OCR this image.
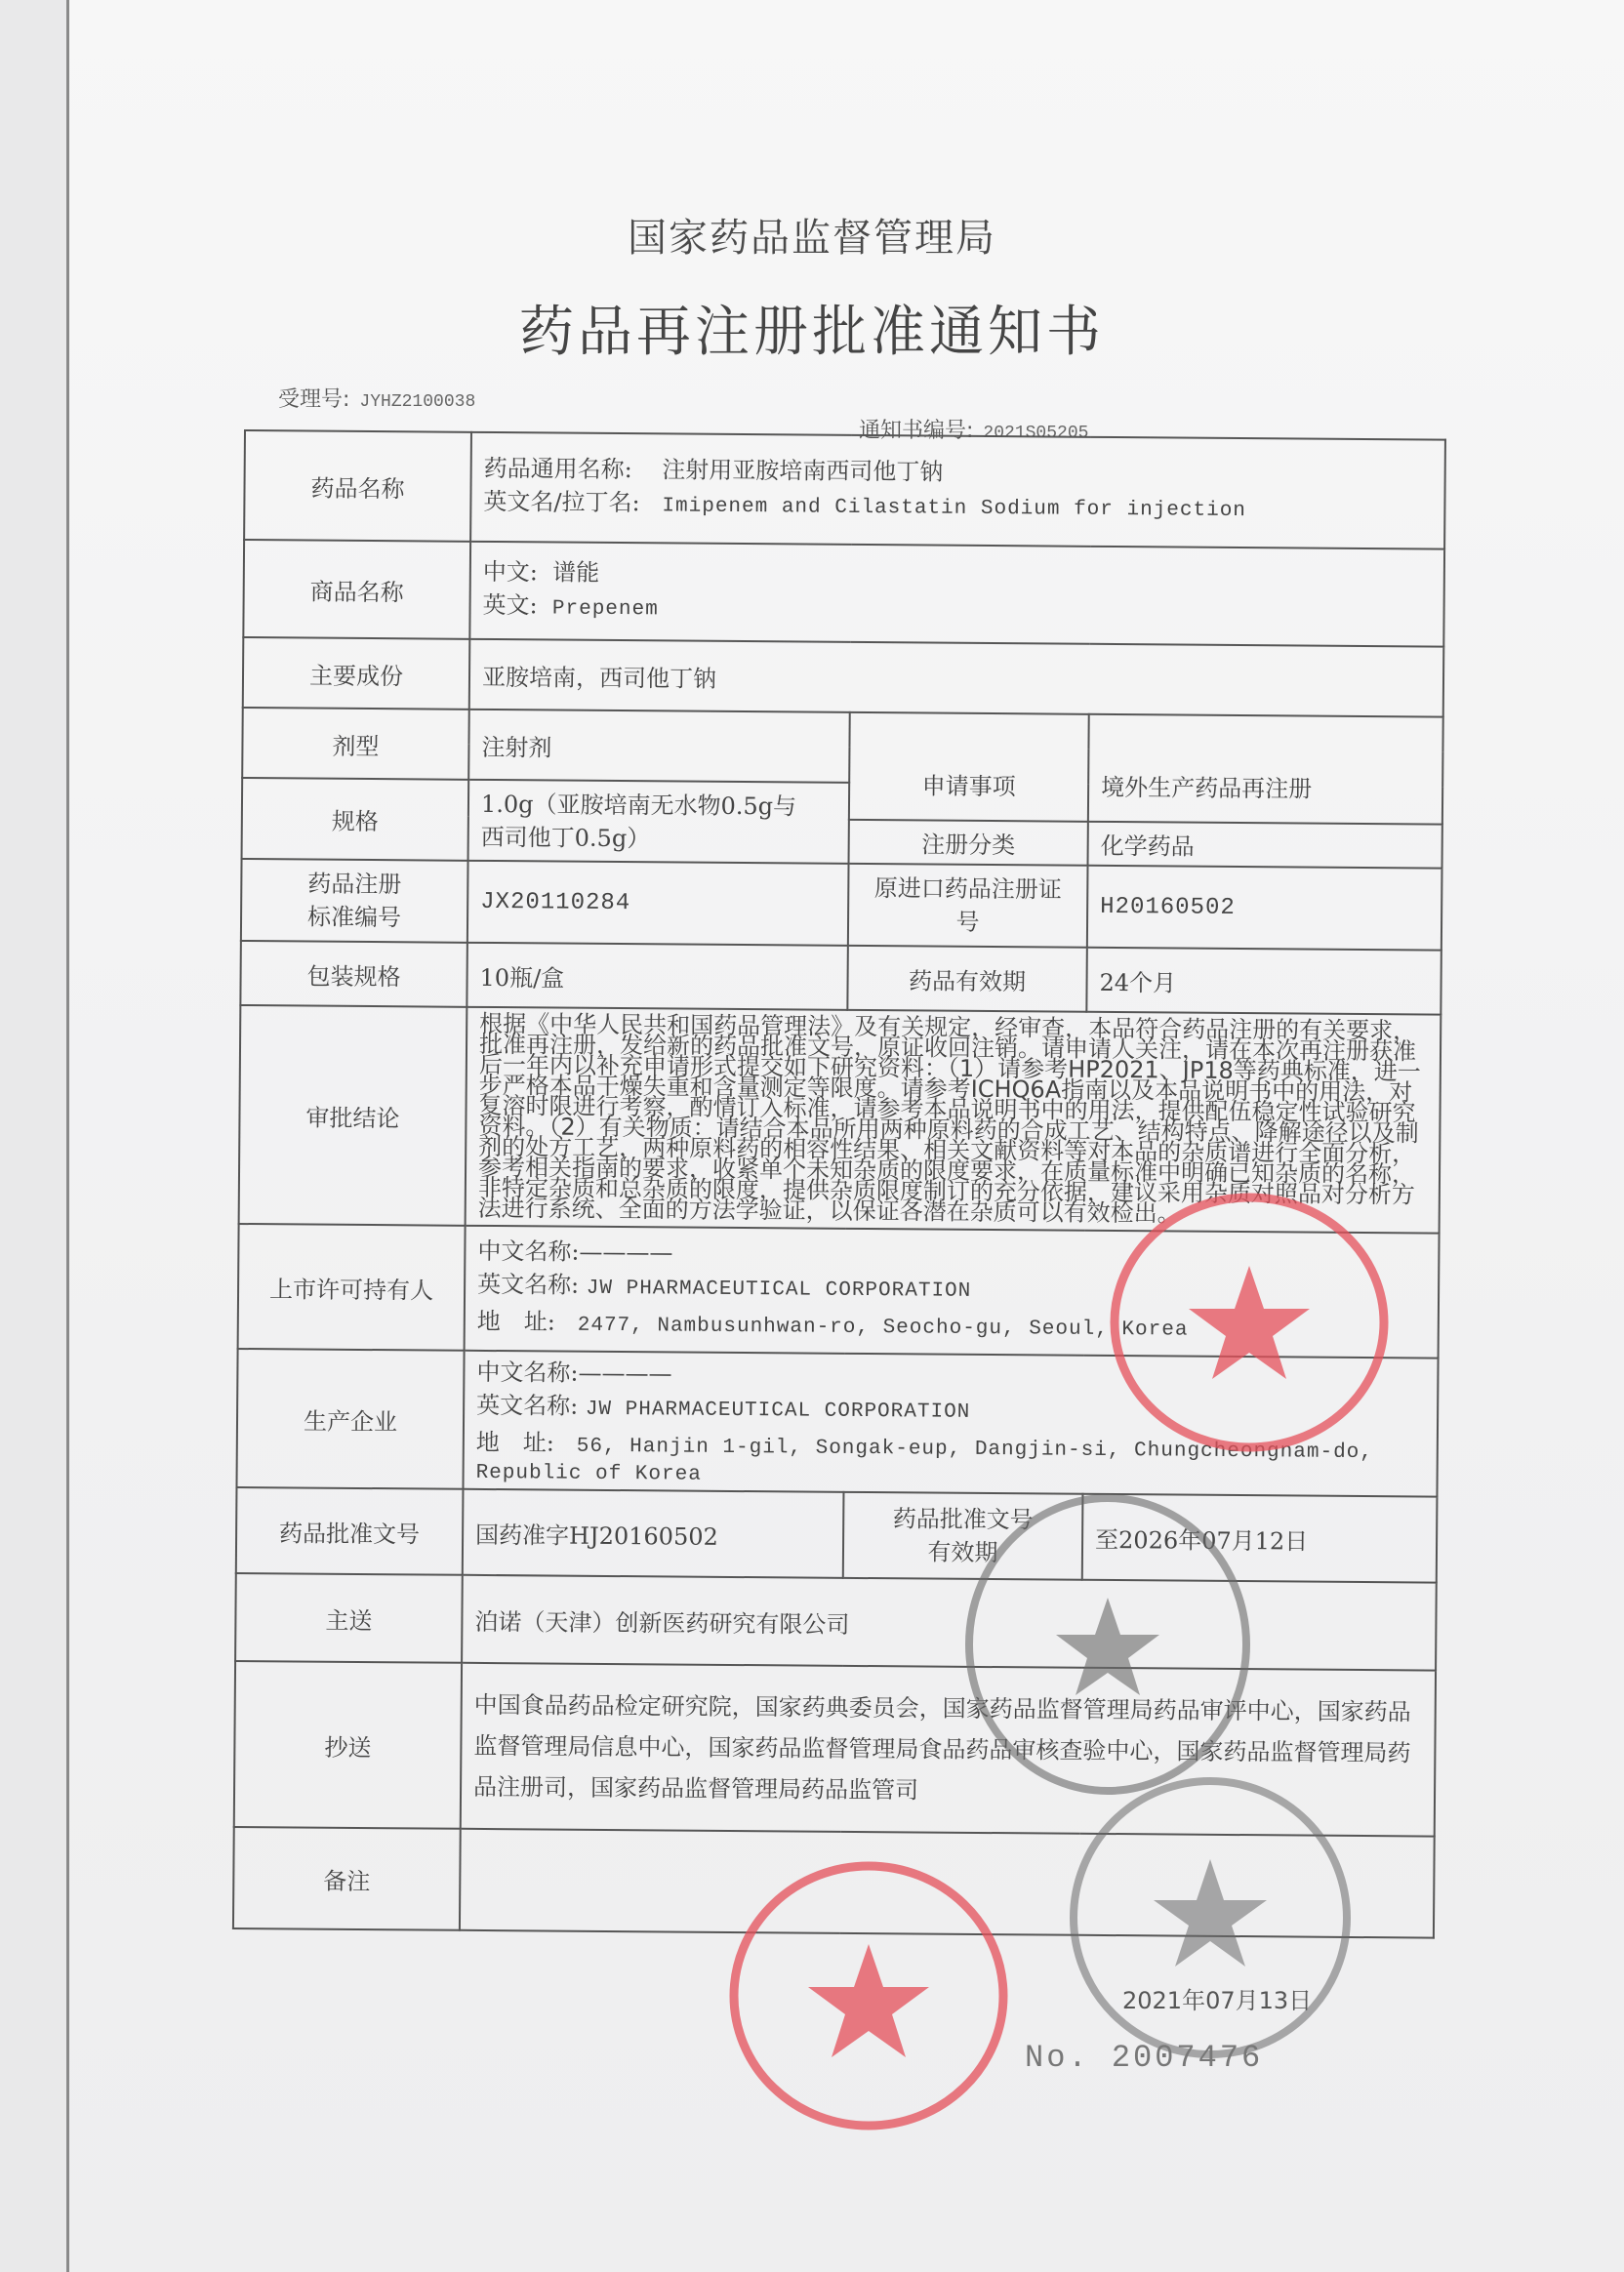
国家药品监督管理局
药品再注册批准通知书
受理号: JYHZ2100038
通知书编号: 2021S05205
药品名称	药品通用名称: 注射用亚胺培南西司他丁钠
英文名/拉丁名: Imipenem and Cilastatin Sodium for injection		

商品名称	中文: 谱能
英文: Prepenem		

主要成份	亚胺培南，西司他丁钠		
剂型	注射剂		
		申请事项	境外生产药品再注册
规格	1.0g（亚胺培南无水物0.5g与
西司他丁0.5g）		

		注册分类	化学药品

药品注册
标准编号	JX20110284	原进口药品注册证
号	H20160502
包装规格	10瓶/盒	药品有效期	24个月
审批结论	根据《中华人民共和国药品管理法》及有关规定，经审查，本品符合药品注册的有关要求，批准再注册，发给新的药品批准文号，原证收回注销。请申请人关注，请在本次再注册获准后一年内以补充申请形式提交如下研究资料：（1）请参考HP2021、JP18等药典标准，进一步严格本品干燥失重和含量测定等限度。请参考ICHQ6A指南以及本品说明书中的用法，对复溶时限进行考察，酌情订入标准，请参考本品说明书中的用法，提供配伍稳定性试验研究资料。（2）有关物质：请结合本品所用两种原料药的合成工艺、结构特点、降解途径以及制剂的处方工艺，两种原料药的相容性结果、相关文献资料等对本品的杂质谱进行全面分析，参考相关指南的要求，收紧单个未知杂质的限度要求，在质量标准中明确已知杂质的名称，非特定杂质和总杂质的限度，提供杂质限度制订的充分依据，建议采用杂质对照品对分析方法进行系统、全面的方法学验证，以保证各潜在杂质可以有效检出。		
上市许可持有人	中文名称:————
英文名称: JW PHARMACEUTICAL CORPORATION
地　址: 2477, Nambusunhwan-ro, Seocho-gu, Seoul, Korea		

生产企业	中文名称:————
英文名称: JW PHARMACEUTICAL CORPORATION
地　址: 56, Hanjin 1-gil, Songak-eup, Dangjin-si, Chungcheongnam-do,
Republic of Korea		

药品批准文号	国药准字HJ20160502	药品批准文号
有效期	至2026年07月12日
主送	泊诺（天津）创新医药研究有限公司		
抄送	中国食品药品检定研究院，国家药典委员会，国家药品监督管理局药品审评中心，国家药品监督管理局信息中心，国家药品监督管理局食品药品审核查验中心，国家药品监督管理局药品注册司，国家药品监督管理局药品监管司		
备注			
2021年07月13日
No. 2007476
